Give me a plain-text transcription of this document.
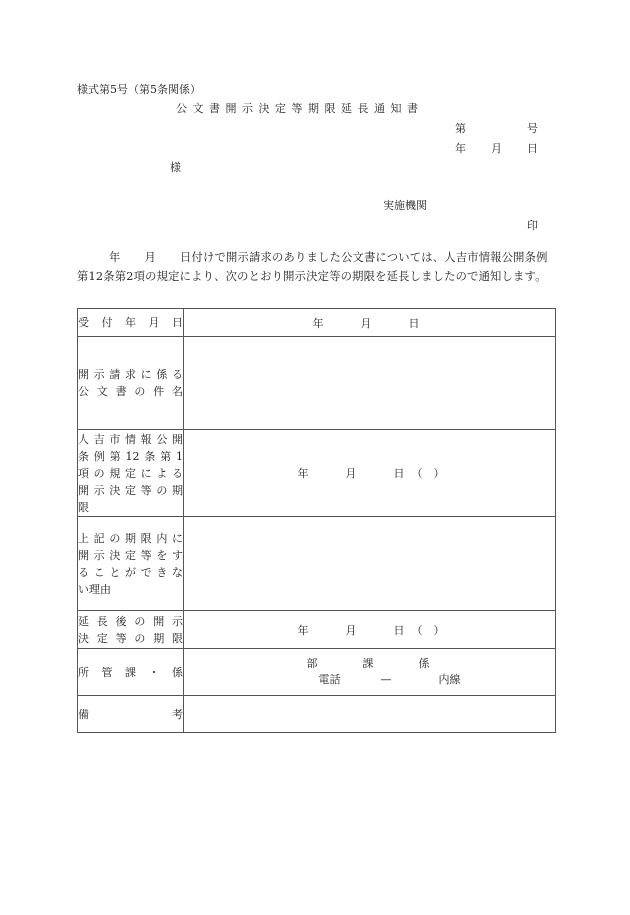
様式第5号（第5条関係）
公文書開示決定等期限延長通知書
第	号
年 月 日
様
実施機関
印
年 月 日付けで開示請求のありました公文書については、人吉市情報公開条例第12条第2項の規定により、次のとおり開示決定等の期限を延長しましたので通知します。
受付年月日	年 月 日

開示請求に係る
公文書の件名	

人吉市情報公開
条例第12条第1
項の規定による
開示決定等の期
限	年 月 日 （　）

上記の期限内に
開示決定等をす
ることができな
い理由	

延長後の開示
決定等の期限	年 月 日 （　）

所管課・係	部 課 係
電話 — 内線

備考	
